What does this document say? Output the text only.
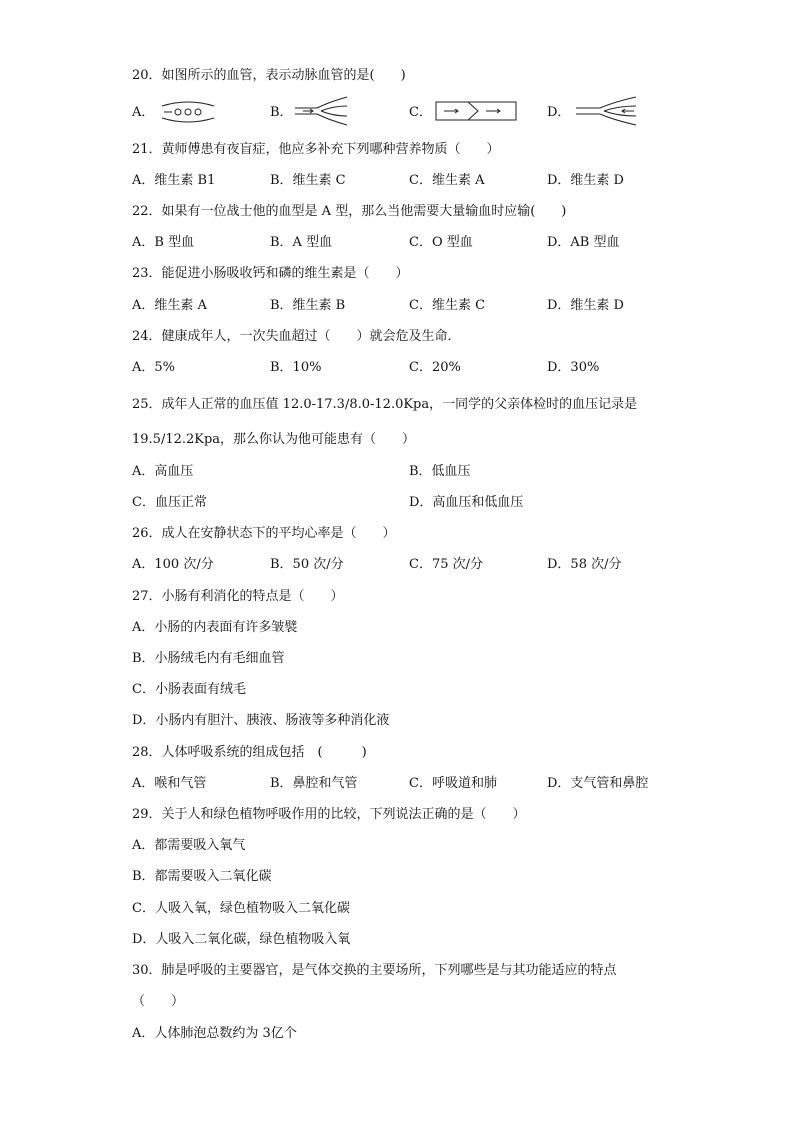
20．如图所示的血管，表示动脉血管的是(　　)
A．	B．	C．	D．
21．黄师傅患有夜盲症，他应多补充下列哪种营养物质（　　）
A．维生素 B1	B．维生素 C	C．维生素 A	D．维生素 D
22．如果有一位战士他的血型是 A 型，那么当他需要大量输血时应输(　　)
A．B 型血	B．A 型血	C．O 型血	D．AB 型血
23．能促进小肠吸收钙和磷的维生素是（　　）
A．维生素 A	B．维生素 B	C．维生素 C	D．维生素 D
24．健康成年人，一次失血超过（　　）就会危及生命．
A．5%	B．10%	C．20%	D．30%
25．成年人正常的血压值 12.0-17.3/8.0-12.0Kpa，一同学的父亲体检时的血压记录是
19.5/12.2Kpa，那么你认为他可能患有（　　）
A．高血压	B．低血压
C．血压正常	D．高血压和低血压
26．成人在安静状态下的平均心率是（　　）
A．100 次/分	B．50 次/分	C．75 次/分	D．58 次/分
27．小肠有利消化的特点是（　　）
A．小肠的内表面有许多皱襞
B．小肠绒毛内有毛细血管
C．小肠表面有绒毛
D．小肠内有胆汁、胰液、肠液等多种消化液
28．人体呼吸系统的组成包括　(　　　)
A．喉和气管	B．鼻腔和气管	C．呼吸道和肺	D．支气管和鼻腔
29．关于人和绿色植物呼吸作用的比较，下列说法正确的是（　　）
A．都需要吸入氧气
B．都需要吸入二氧化碳
C．人吸入氧，绿色植物吸入二氧化碳
D．人吸入二氧化碳，绿色植物吸入氧
30．肺是呼吸的主要器官，是气体交换的主要场所，下列哪些是与其功能适应的特点
（　　）
A．人体肺泡总数约为 3亿个
